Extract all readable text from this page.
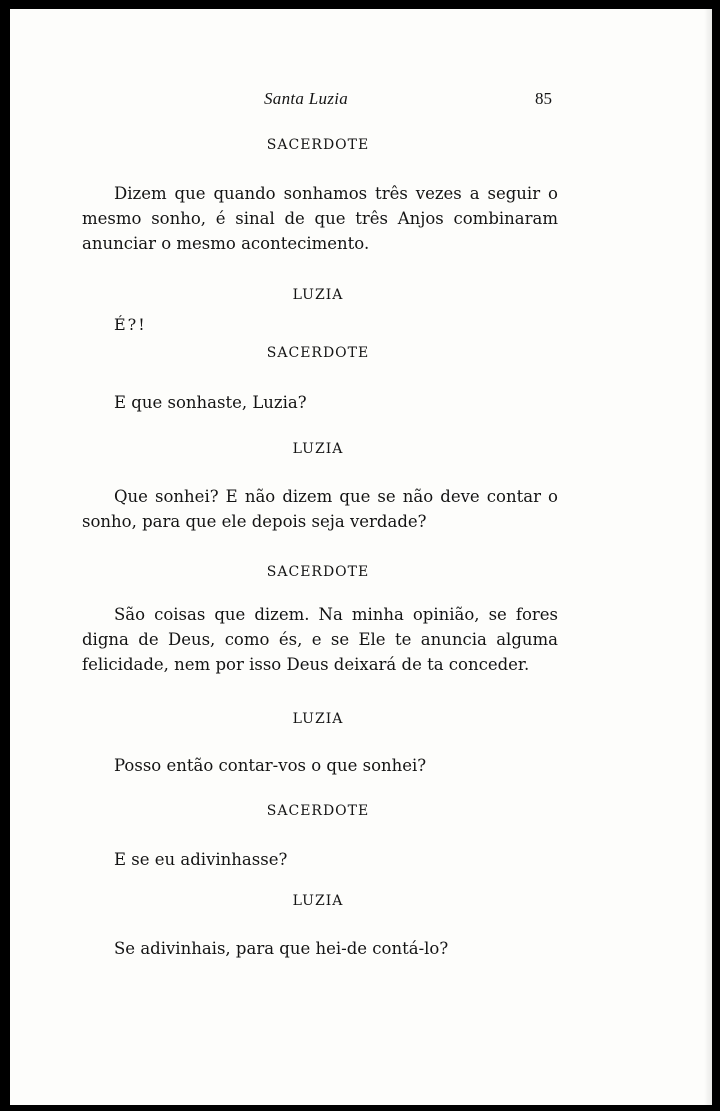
Santa Luzia	85
SACERDOTE
Dizem que quando sonhamos três vezes a seguir o mesmo sonho, é sinal de que três Anjos combinaram anunciar o mesmo acontecimento.
LUZIA
É?!
SACERDOTE
E que sonhaste, Luzia?
LUZIA
Que sonhei? E não dizem que se não deve contar o sonho, para que ele depois seja verdade?
SACERDOTE
São coisas que dizem. Na minha opinião, se fores digna de Deus, como és, e se Ele te anuncia alguma felicidade, nem por isso Deus deixará de ta conceder.
LUZIA
Posso então contar-vos o que sonhei?
SACERDOTE
E se eu adivinhasse?
LUZIA
Se adivinhais, para que hei-de contá-lo?
